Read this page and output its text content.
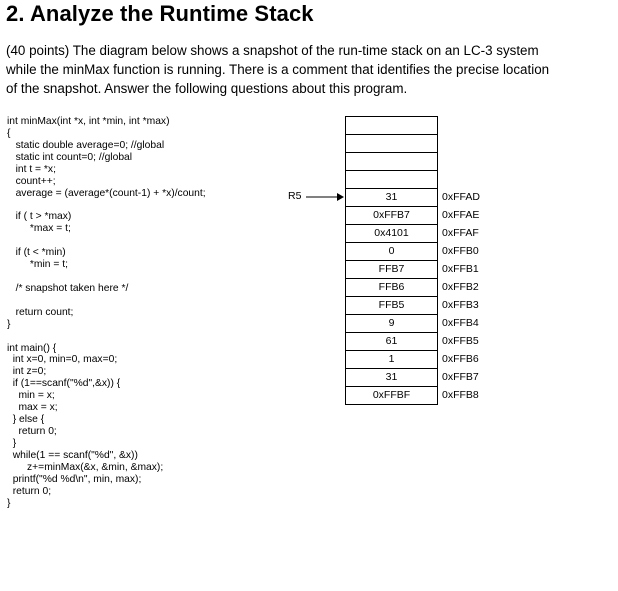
2. Analyze the Runtime Stack
(40 points) The diagram below shows a snapshot of the run-time stack on an LC-3 system
while the minMax function is running. There is a comment that identifies the precise location
of the snapshot. Answer the following questions about this program.
int minMax(int *x, int *min, int *max)
{
static double average=0; //global
static int count=0; //global
int t = *x;
count++;
average = (average*(count-1) + *x)/count;
if ( t > *max)
*max = t;
if (t < *min)
*min = t;
/* snapshot taken here */
return count;
}
int main() {
int x=0, min=0, max=0;
int z=0;
if (1==scanf("%d",&x)) {
min = x;
max = x;
} else {
return 0;
}
while(1 == scanf("%d", &x))
z+=minMax(&x, &min, &max);
printf("%d %d\n", min, max);
return 0;
}
R5	31	0xFFAD
0xFFB7	0xFFAE
0x4101	0xFFAF
0	0xFFB0
FFB7	0xFFB1
FFB6	0xFFB2
FFB5	0xFFB3
9	0xFFB4
61	0xFFB5
1	0xFFB6
31	0xFFB7
0xFFBF	0xFFB8
